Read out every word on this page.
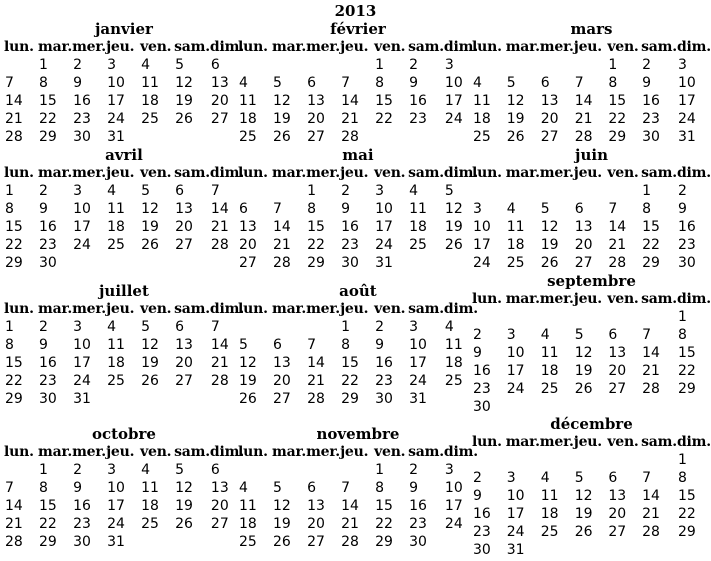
2013
janvier
lun.	mar.	mer.	jeu.	ven.	sam.	dim.
	1	2	3	4	5	6
7	8	9	10	11	12	13
14	15	16	17	18	19	20
21	22	23	24	25	26	27
28	29	30	31			
février
lun.	mar.	mer.	jeu.	ven.	sam.	dim.
				1	2	3
4	5	6	7	8	9	10
11	12	13	14	15	16	17
18	19	20	21	22	23	24
25	26	27	28			
mars
lun.	mar.	mer.	jeu.	ven.	sam.	dim.
				1	2	3
4	5	6	7	8	9	10
11	12	13	14	15	16	17
18	19	20	21	22	23	24
25	26	27	28	29	30	31
avril
lun.	mar.	mer.	jeu.	ven.	sam.	dim.
1	2	3	4	5	6	7
8	9	10	11	12	13	14
15	16	17	18	19	20	21
22	23	24	25	26	27	28
29	30					
mai
lun.	mar.	mer.	jeu.	ven.	sam.	dim.
		1	2	3	4	5
6	7	8	9	10	11	12
13	14	15	16	17	18	19
20	21	22	23	24	25	26
27	28	29	30	31		
juin
lun.	mar.	mer.	jeu.	ven.	sam.	dim.
					1	2
3	4	5	6	7	8	9
10	11	12	13	14	15	16
17	18	19	20	21	22	23
24	25	26	27	28	29	30
juillet
lun.	mar.	mer.	jeu.	ven.	sam.	dim.
1	2	3	4	5	6	7
8	9	10	11	12	13	14
15	16	17	18	19	20	21
22	23	24	25	26	27	28
29	30	31				
août
lun.	mar.	mer.	jeu.	ven.	sam.	dim.
			1	2	3	4
5	6	7	8	9	10	11
12	13	14	15	16	17	18
19	20	21	22	23	24	25
26	27	28	29	30	31	
septembre
lun.	mar.	mer.	jeu.	ven.	sam.	dim.
						1
2	3	4	5	6	7	8
9	10	11	12	13	14	15
16	17	18	19	20	21	22
23	24	25	26	27	28	29
30						
octobre
lun.	mar.	mer.	jeu.	ven.	sam.	dim.
	1	2	3	4	5	6
7	8	9	10	11	12	13
14	15	16	17	18	19	20
21	22	23	24	25	26	27
28	29	30	31			
novembre
lun.	mar.	mer.	jeu.	ven.	sam.	dim.
				1	2	3
4	5	6	7	8	9	10
11	12	13	14	15	16	17
18	19	20	21	22	23	24
25	26	27	28	29	30	
décembre
lun.	mar.	mer.	jeu.	ven.	sam.	dim.
						1
2	3	4	5	6	7	8
9	10	11	12	13	14	15
16	17	18	19	20	21	22
23	24	25	26	27	28	29
30	31					
